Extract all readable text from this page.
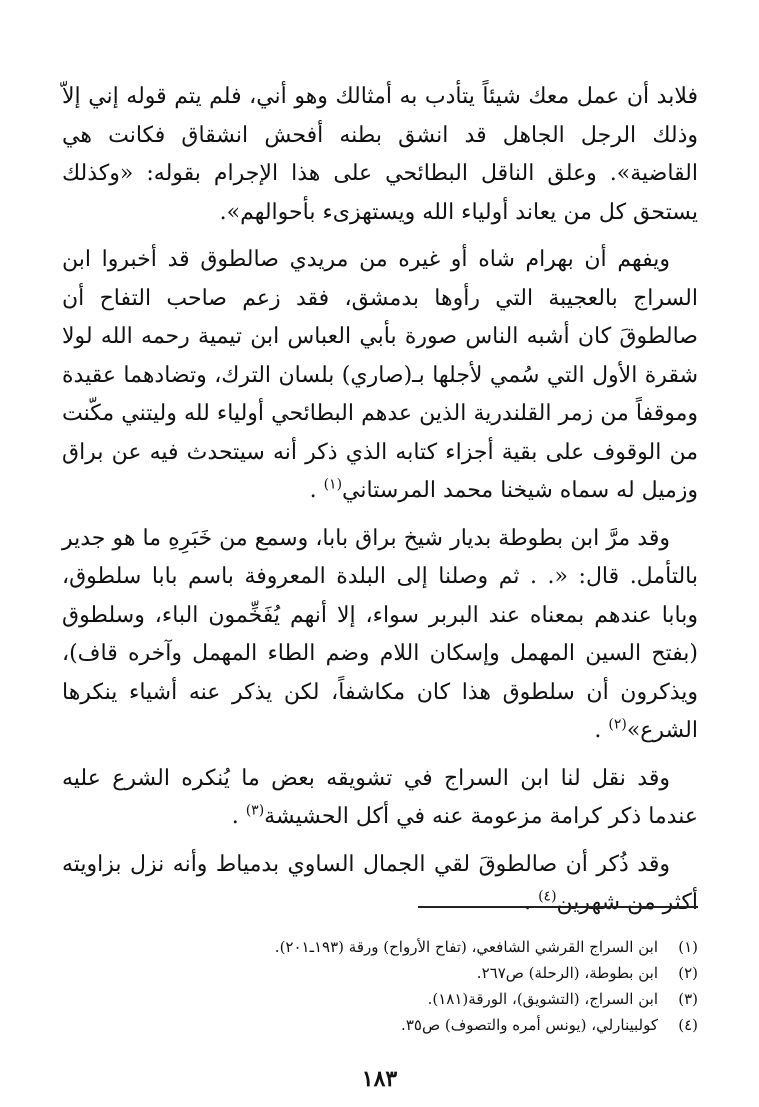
فلابد أن عمل معك شيئاً يتأدب به أمثالك وهو أني، فلم يتم قوله إني إلاّ وذلك الرجل الجاهل قد انشق بطنه أفحش انشقاق فكانت هي القاضية». وعلق الناقل البطائحي على هذا الإجرام بقوله: «وكذلك يستحق كل من يعاند أولياء الله ويستهزىء بأحوالهم».

ويفهم أن بهرام شاه أو غيره من مريدي صالطوق قد أخبروا ابن السراج بالعجيبة التي رأوها بدمشق، فقد زعم صاحب التفاح أن صالطوقَ كان أشبه الناس صورة بأبي العباس ابن تيمية رحمه الله لولا شقرة الأول التي سُمي لأجلها بـ(صاري) بلسان الترك، وتضادهما عقيدة وموقفاً من زمر القلندرية الذين عدهم البطائحي أولياء لله وليتني مكّنت من الوقوف على بقية أجزاء كتابه الذي ذكر أنه سيتحدث فيه عن براق وزميل له سماه شيخنا محمد المرستاني$^{(١)}$ .

وقد مرَّ ابن بطوطة بديار شيخ براق بابا، وسمع من خَبَرِهِ ما هو جدير بالتأمل. قال: «. . ثم وصلنا إلى البلدة المعروفة باسم بابا سلطوق، وبابا عندهم بمعناه عند البربر سواء، إلا أنهم يُفَخِّمون الباء، وسلطوق (بفتح السين المهمل وإسكان اللام وضم الطاء المهمل وآخره قاف)، ويذكرون أن سلطوق هذا كان مكاشفاً، لكن يذكر عنه أشياء ينكرها الشرع»$^{(٢)}$ .

وقد نقل لنا ابن السراج في تشويقه بعض ما يُنكره الشرع عليه عندما ذكر كرامة مزعومة عنه في أكل الحشيشة$^{(٣)}$ .

وقد ذُكر أن صالطوقَ لقي الجمال الساوي بدمياط وأنه نزل بزاويته أكثر من شهرين$^{(٤)}$ .

(١)
ابن السراج القرشي الشافعي، (تفاح الأرواح) ورقة (١٩٣ـ٢٠١).
(٢)
ابن بطوطة، (الرحلة) ص٢٦٧.
(٣)
ابن السراج، (التشويق)، الورقة(١٨١).
(٤)
كولبينارلي، (يونس أمره والتصوف) ص٣٥.
١٨٣
